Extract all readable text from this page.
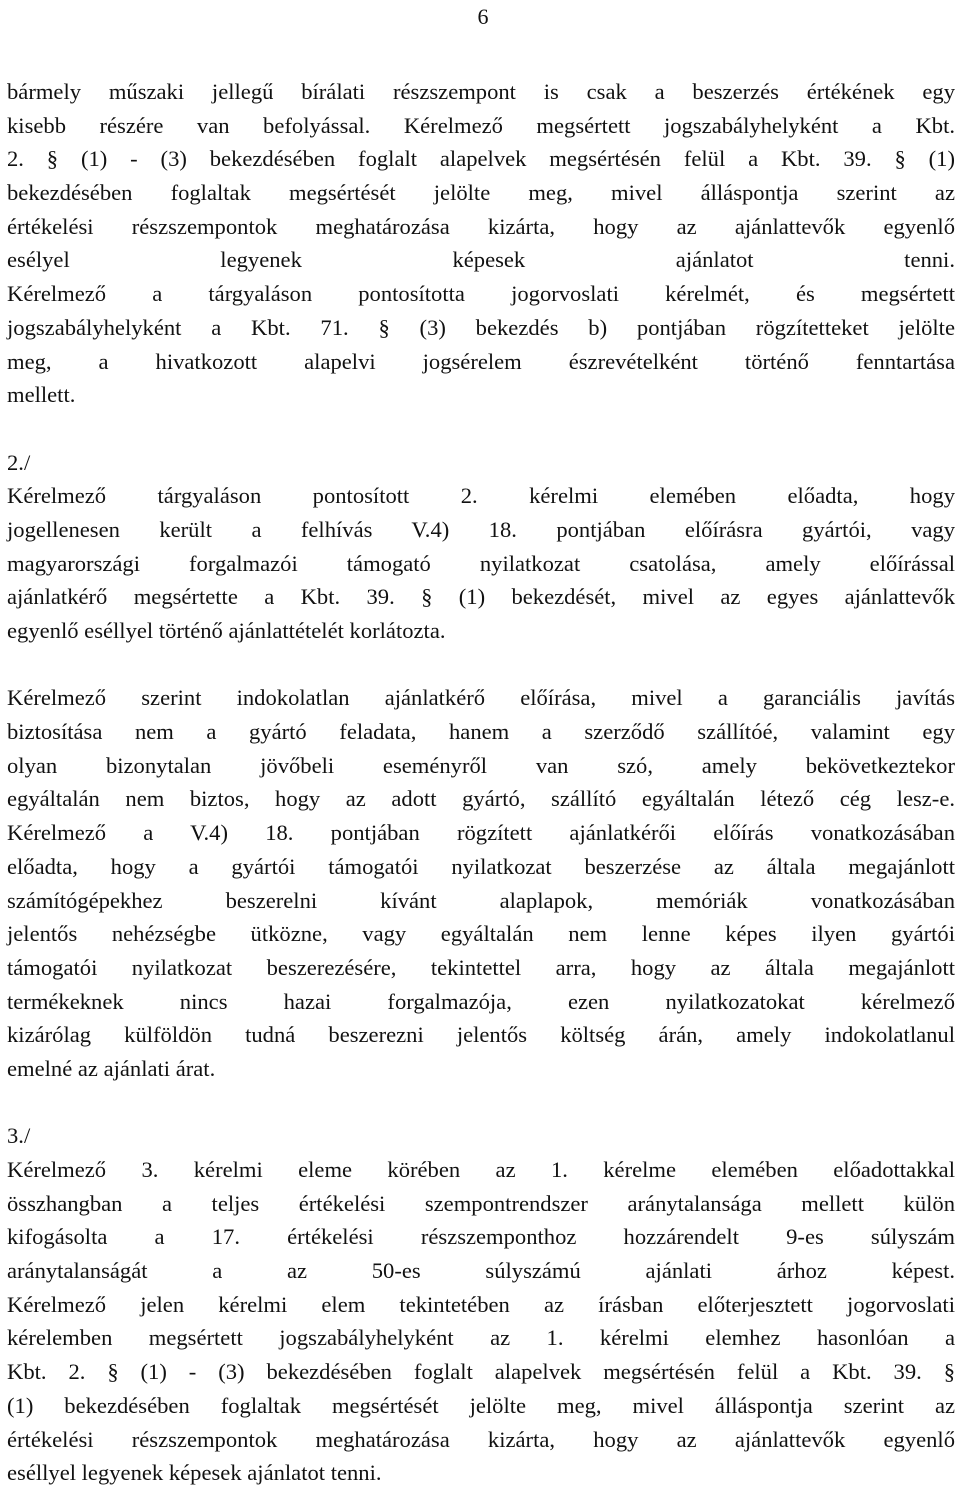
6
bármely műszaki jellegű bírálati részszempont is csak a beszerzés értékének egy
kisebb részére van befolyással. Kérelmező megsértett jogszabályhelyként a Kbt.
2. § (1) - (3) bekezdésében foglalt alapelvek megsértésén felül a Kbt. 39. § (1)
bekezdésében foglaltak megsértését jelölte meg, mivel álláspontja szerint az
értékelési részszempontok meghatározása kizárta, hogy az ajánlattevők egyenlő
esélyel legyenek képesek ajánlatot tenni.
Kérelmező a tárgyaláson pontosította jogorvoslati kérelmét, és megsértett
jogszabályhelyként a Kbt. 71. § (3) bekezdés b) pontjában rögzítetteket jelölte
meg, a hivatkozott alapelvi jogsérelem észrevételként történő fenntartása
mellett.
2./
Kérelmező tárgyaláson pontosított 2. kérelmi elemében előadta, hogy
jogellenesen került a felhívás V.4) 18. pontjában előírásra gyártói, vagy
magyarországi forgalmazói támogató nyilatkozat csatolása, amely előírással
ajánlatkérő megsértette a Kbt. 39. § (1) bekezdését, mivel az egyes ajánlattevők
egyenlő eséllyel történő ajánlattételét korlátozta.
Kérelmező szerint indokolatlan ajánlatkérő előírása, mivel a garanciális javítás
biztosítása nem a gyártó feladata, hanem a szerződő szállítóé, valamint egy
olyan bizonytalan jövőbeli eseményről van szó, amely bekövetkeztekor
egyáltalán nem biztos, hogy az adott gyártó, szállító egyáltalán létező cég lesz-e.
Kérelmező a V.4) 18. pontjában rögzített ajánlatkérői előírás vonatkozásában
előadta, hogy a gyártói támogatói nyilatkozat beszerzése az általa megajánlott
számítógépekhez beszerelni kívánt alaplapok, memóriák vonatkozásában
jelentős nehézségbe ütközne, vagy egyáltalán nem lenne képes ilyen gyártói
támogatói nyilatkozat beszerezésére, tekintettel arra, hogy az általa megajánlott
termékeknek nincs hazai forgalmazója, ezen nyilatkozatokat kérelmező
kizárólag külföldön tudná beszerezni jelentős költség árán, amely indokolatlanul
emelné az ajánlati árat.
3./
Kérelmező 3. kérelmi eleme körében az 1. kérelme elemében előadottakkal
összhangban a teljes értékelési szempontrendszer aránytalansága mellett külön
kifogásolta a 17. értékelési részszemponthoz hozzárendelt 9-es súlyszám
aránytalanságát a az 50-es súlyszámú ajánlati árhoz képest.
Kérelmező jelen kérelmi elem tekintetében az írásban előterjesztett jogorvoslati
kérelemben megsértett jogszabályhelyként az 1. kérelmi elemhez hasonlóan a
Kbt. 2. § (1) - (3) bekezdésében foglalt alapelvek megsértésén felül a Kbt. 39. §
(1) bekezdésében foglaltak megsértését jelölte meg, mivel álláspontja szerint az
értékelési részszempontok meghatározása kizárta, hogy az ajánlattevők egyenlő
eséllyel legyenek képesek ajánlatot tenni.
